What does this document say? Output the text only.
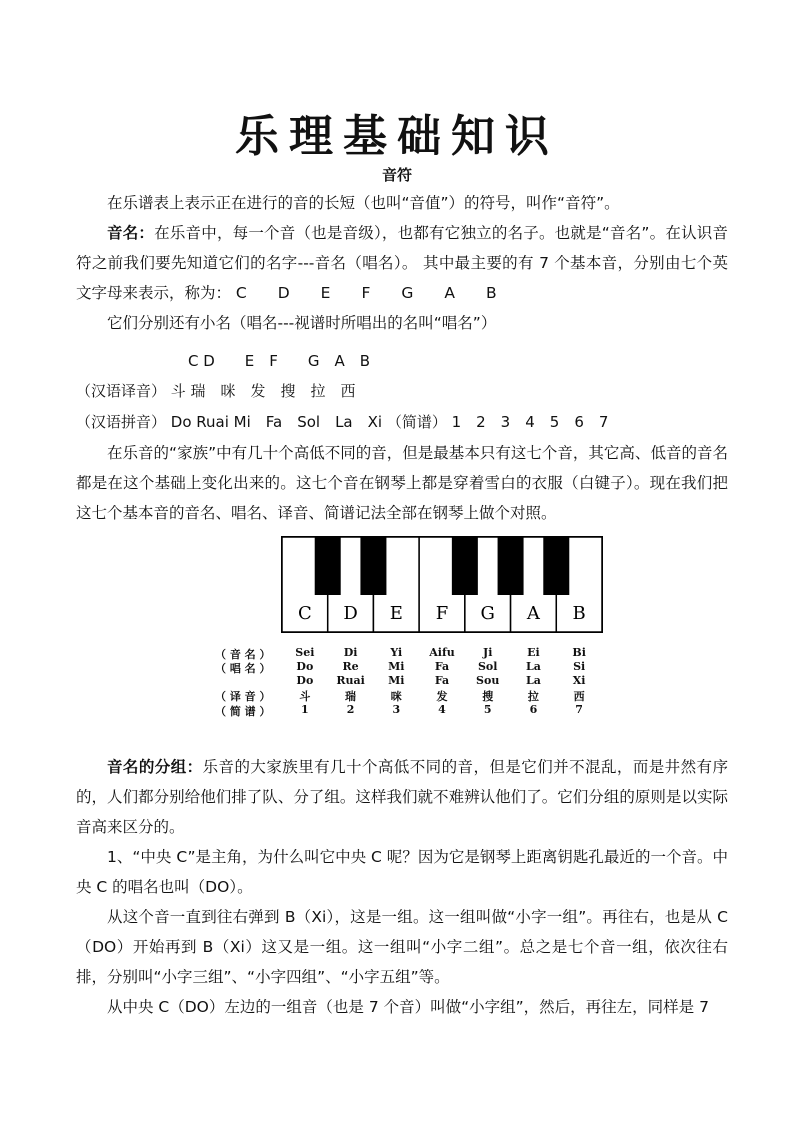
乐理基础知识
音符

在乐谱表上表示正在进行的音的长短（也叫“音值”）的符号，叫作“音符”。

音名：在乐音中，每一个音（也是音级），也都有它独立的名子。也就是“音名”。在认识音符之前我们要先知道它们的名字---音名（唱名）。 其中最主要的有 7 个基本音，分别由七个英文字母来表示，称为： C　　D　　E　　F　　G　　A　　B

它们分别还有小名（唱名---视谱时所唱出的名叫“唱名”）

C D　　E　F　　G　A　B
（汉语译音） 斗 瑞　咪　发　搜　拉　西
（汉语拼音） Do Ruai Mi　Fa　Sol　La　Xi （简谱） 1　2　3　4　5　6　7

在乐音的“家族”中有几十个高低不同的音，但是最基本只有这七个音，其它高、低音的音名都是在这个基础上变化出来的。这七个音在钢琴上都是穿着雪白的衣服（白键子）。现在我们把这七个基本音的音名、唱名、译音、简谱记法全部在钢琴上做个对照。

C D E F G A B
（ 音 名 ）
（ 唱 名 ）
（ 译 音 ）
（ 简 谱 ）
Sei
Do
Do
斗
1
Di
Re
Ruai
瑞
2
Yi
Mi
Mi
咪
3
Aifu
Fa
Fa
发
4
Ji
Sol
Sou
搜
5
Ei
La
La
拉
6
Bi
Si
Xi
西
7

音名的分组：乐音的大家族里有几十个高低不同的音，但是它们并不混乱，而是井然有序的，人们都分别给他们排了队、分了组。这样我们就不难辨认他们了。它们分组的原则是以实际音高来区分的。

1、“中央 C”是主角，为什么叫它中央 C 呢？因为它是钢琴上距离钥匙孔最近的一个音。中央 C 的唱名也叫（DO）。

从这个音一直到往右弹到 B（Xi），这是一组。这一组叫做“小字一组”。再往右，也是从 C（DO）开始再到 B（Xi）这又是一组。这一组叫“小字二组”。总之是七个音一组，依次往右排，分别叫“小字三组”、“小字四组”、“小字五组”等。

从中央 C（DO）左边的一组音（也是 7 个音）叫做“小字组”，然后，再往左，同样是 7
